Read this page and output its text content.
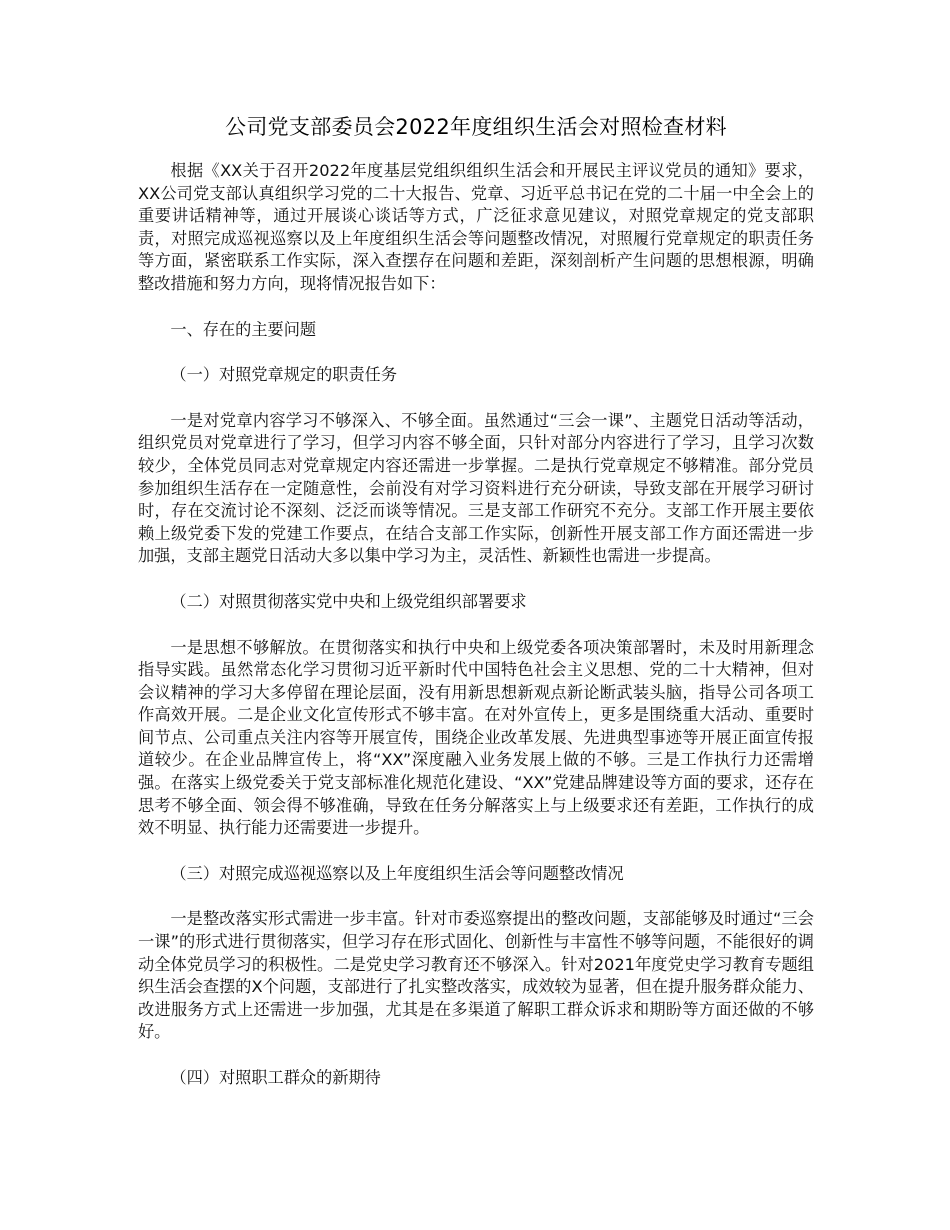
公司党支部委员会2022年度组织生活会对照检查材料

根据《XX关于召开2022年度基层党组织组织生活会和开展民主评议党员的通知》要求，XX公司党支部认真组织学习党的二十大报告、党章、习近平总书记在党的二十届一中全会上的重要讲话精神等，通过开展谈心谈话等方式，广泛征求意见建议，对照党章规定的党支部职责，对照完成巡视巡察以及上年度组织生活会等问题整改情况，对照履行党章规定的职责任务等方面，紧密联系工作实际，深入查摆存在问题和差距，深刻剖析产生问题的思想根源，明确整改措施和努力方向，现将情况报告如下：

一、存在的主要问题

（一）对照党章规定的职责任务

一是对党章内容学习不够深入、不够全面。虽然通过“三会一课”、主题党日活动等活动，组织党员对党章进行了学习，但学习内容不够全面，只针对部分内容进行了学习，且学习次数较少，全体党员同志对党章规定内容还需进一步掌握。二是执行党章规定不够精准。部分党员参加组织生活存在一定随意性，会前没有对学习资料进行充分研读，导致支部在开展学习研讨时，存在交流讨论不深刻、泛泛而谈等情况。三是支部工作研究不充分。支部工作开展主要依赖上级党委下发的党建工作要点，在结合支部工作实际，创新性开展支部工作方面还需进一步加强，支部主题党日活动大多以集中学习为主，灵活性、新颖性也需进一步提高。

（二）对照贯彻落实党中央和上级党组织部署要求

一是思想不够解放。在贯彻落实和执行中央和上级党委各项决策部署时，未及时用新理念指导实践。虽然常态化学习贯彻习近平新时代中国特色社会主义思想、党的二十大精神，但对会议精神的学习大多停留在理论层面，没有用新思想新观点新论断武装头脑，指导公司各项工作高效开展。二是企业文化宣传形式不够丰富。在对外宣传上，更多是围绕重大活动、重要时间节点、公司重点关注内容等开展宣传，围绕企业改革发展、先进典型事迹等开展正面宣传报道较少。在企业品牌宣传上，将“XX”深度融入业务发展上做的不够。三是工作执行力还需增强。在落实上级党委关于党支部标准化规范化建设、“XX”党建品牌建设等方面的要求，还存在思考不够全面、领会得不够准确，导致在任务分解落实上与上级要求还有差距，工作执行的成效不明显、执行能力还需要进一步提升。

（三）对照完成巡视巡察以及上年度组织生活会等问题整改情况

一是整改落实形式需进一步丰富。针对市委巡察提出的整改问题，支部能够及时通过“三会一课”的形式进行贯彻落实，但学习存在形式固化、创新性与丰富性不够等问题，不能很好的调动全体党员学习的积极性。二是党史学习教育还不够深入。针对2021年度党史学习教育专题组织生活会查摆的X个问题，支部进行了扎实整改落实，成效较为显著，但在提升服务群众能力、改进服务方式上还需进一步加强，尤其是在多渠道了解职工群众诉求和期盼等方面还做的不够好。

（四）对照职工群众的新期待
